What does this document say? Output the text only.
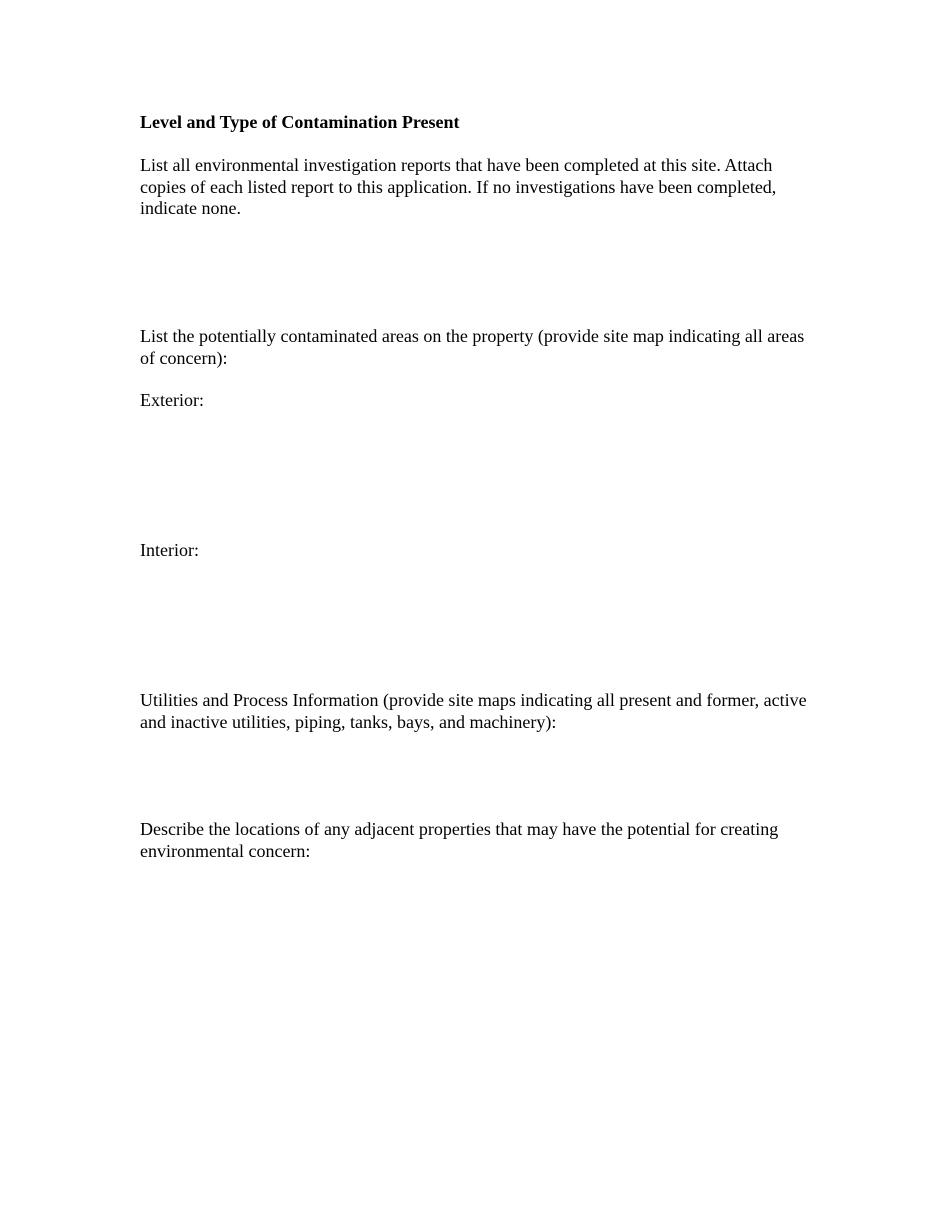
Level and Type of Contamination Present

List all environmental investigation reports that have been completed at this site. Attach copies of each listed report to this application. If no investigations have been completed, indicate none.

List the potentially contaminated areas on the property (provide site map indicating all areas of concern):

Exterior:

Interior:

Utilities and Process Information (provide site maps indicating all present and former, active and inactive utilities, piping, tanks, bays, and machinery):

Describe the locations of any adjacent properties that may have the potential for creating environmental concern:
